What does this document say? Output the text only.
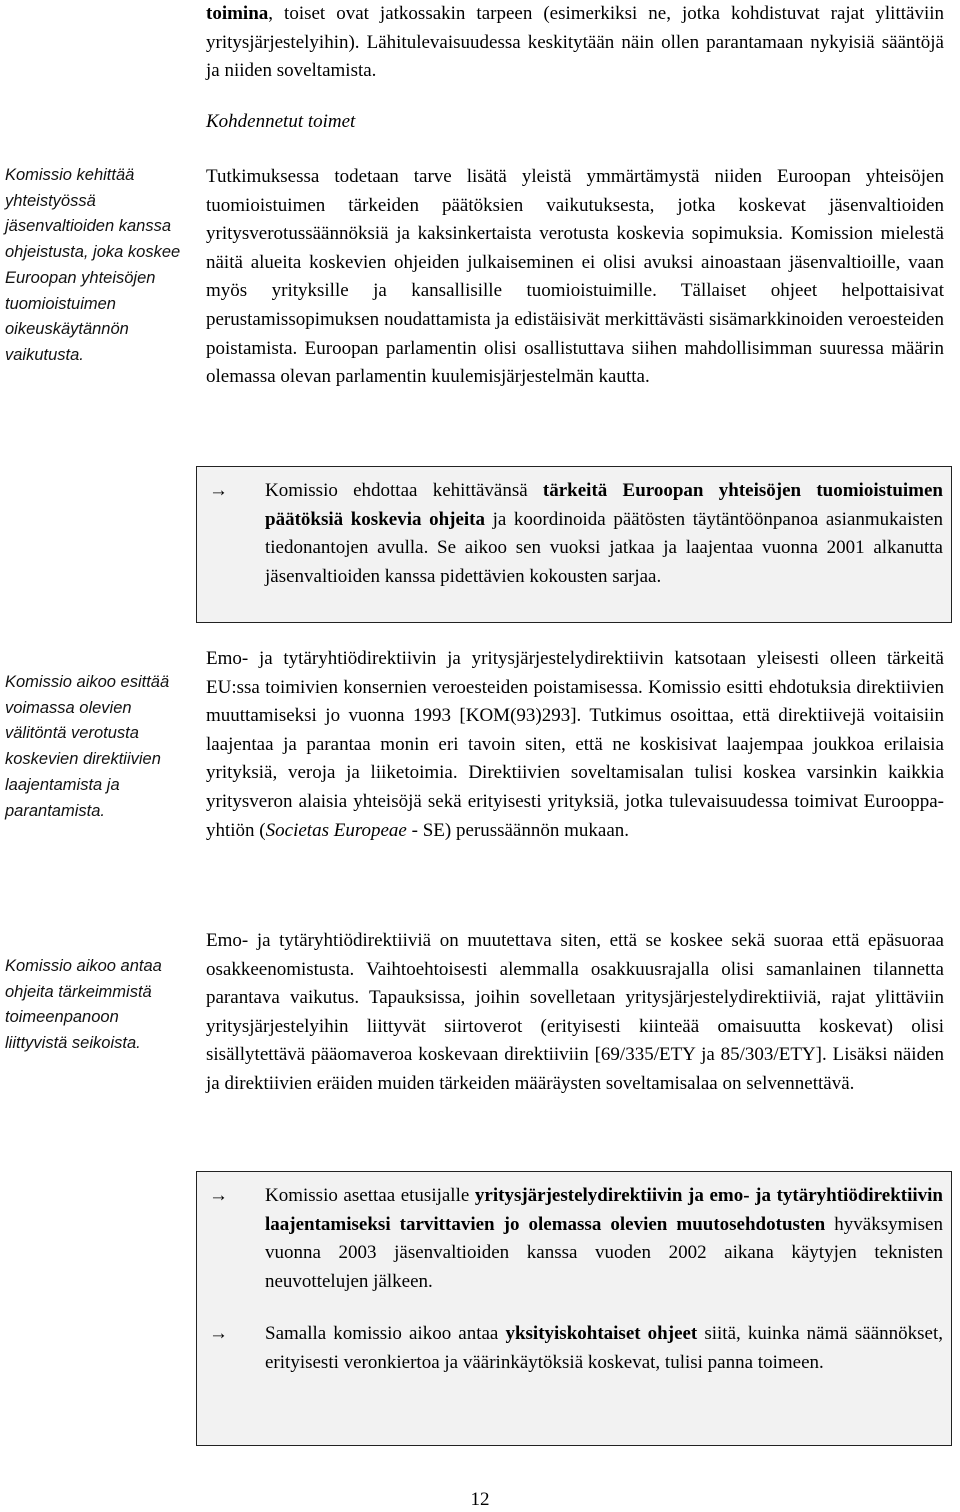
toimina, toiset ovat jatkossakin tarpeen (esimerkiksi ne, jotka kohdistuvat rajat ylittäviin yritysjärjestelyihin). Lähitulevaisuudessa keskitytään näin ollen parantamaan nykyisiä sääntöjä ja niiden soveltamista.

Kohdennetut toimet
Komissio kehittää yhteistyössä jäsenvaltioiden kanssa ohjeistusta, joka koskee Euroopan yhteisöjen tuomioistuimen oikeuskäytännön vaikutusta.
Komissio aikoo esittää voimassa olevien välitöntä verotusta koskevien direktiivien laajentamista ja parantamista.
Komissio aikoo antaa ohjeita tärkeimmistä toimeenpanoon liittyvistä seikoista.

Tutkimuksessa todetaan tarve lisätä yleistä ymmärtämystä niiden Euroopan yhteisöjen tuomioistuimen tärkeiden päätöksien vaikutuksesta, jotka koskevat jäsenvaltioiden yritysverotussäännöksiä ja kaksinkertaista verotusta koskevia sopimuksia. Komission mielestä näitä alueita koskevien ohjeiden julkaiseminen ei olisi avuksi ainoastaan jäsenvaltioille, vaan myös yrityksille ja kansallisille tuomioistuimille. Tällaiset ohjeet helpottaisivat perustamissopimuksen noudattamista ja edistäisivät merkittävästi sisämarkkinoiden veroesteiden poistamista. Euroopan parlamentin olisi osallistuttava siihen mahdollisimman suuressa määrin olemassa olevan parlamentin kuulemisjärjestelmän kautta.

→ Komissio ehdottaa kehittävänsä tärkeitä Euroopan yhteisöjen tuomioistuimen päätöksiä koskevia ohjeita ja koordinoida päätösten täytäntöönpanoa asianmukaisten tiedonantojen avulla. Se aikoo sen vuoksi jatkaa ja laajentaa vuonna 2001 alkanutta jäsenvaltioiden kanssa pidettävien kokousten sarjaa.

Emo- ja tytäryhtiödirektiivin ja yritysjärjestelydirektiivin katsotaan yleisesti olleen tärkeitä EU:ssa toimivien konsernien veroesteiden poistamisessa. Komissio esitti ehdotuksia direktiivien muuttamiseksi jo vuonna 1993 [KOM(93)293]. Tutkimus osoittaa, että direktiivejä voitaisiin laajentaa ja parantaa monin eri tavoin siten, että ne koskisivat laajempaa joukkoa erilaisia yrityksiä, veroja ja liiketoimia. Direktiivien soveltamisalan tulisi koskea varsinkin kaikkia yritysveron alaisia yhteisöjä sekä erityisesti yrityksiä, jotka tulevaisuudessa toimivat Eurooppa-yhtiön (Societas Europeae - SE) perussäännön mukaan.

Emo- ja tytäryhtiödirektiiviä on muutettava siten, että se koskee sekä suoraa että epäsuoraa osakkeenomistusta. Vaihtoehtoisesti alemmalla osakkuusrajalla olisi samanlainen tilannetta parantava vaikutus. Tapauksissa, joihin sovelletaan yritysjärjestelydirektiiviä, rajat ylittäviin yritysjärjestelyihin liittyvät siirtoverot (erityisesti kiinteää omaisuutta koskevat) olisi sisällytettävä pääomaveroa koskevaan direktiiviin [69/335/ETY ja 85/303/ETY]. Lisäksi näiden ja direktiivien eräiden muiden tärkeiden määräysten soveltamisalaa on selvennettävä.

→ Komissio asettaa etusijalle yritysjärjestelydirektiivin ja emo- ja tytäryhtiödirektiivin laajentamiseksi tarvittavien jo olemassa olevien muutosehdotusten hyväksymisen vuonna 2003 jäsenvaltioiden kanssa vuoden 2002 aikana käytyjen teknisten neuvottelujen jälkeen.
→ Samalla komissio aikoo antaa yksityiskohtaiset ohjeet siitä, kuinka nämä säännökset, erityisesti veronkiertoa ja väärinkäytöksiä koskevat, tulisi panna toimeen.
12
